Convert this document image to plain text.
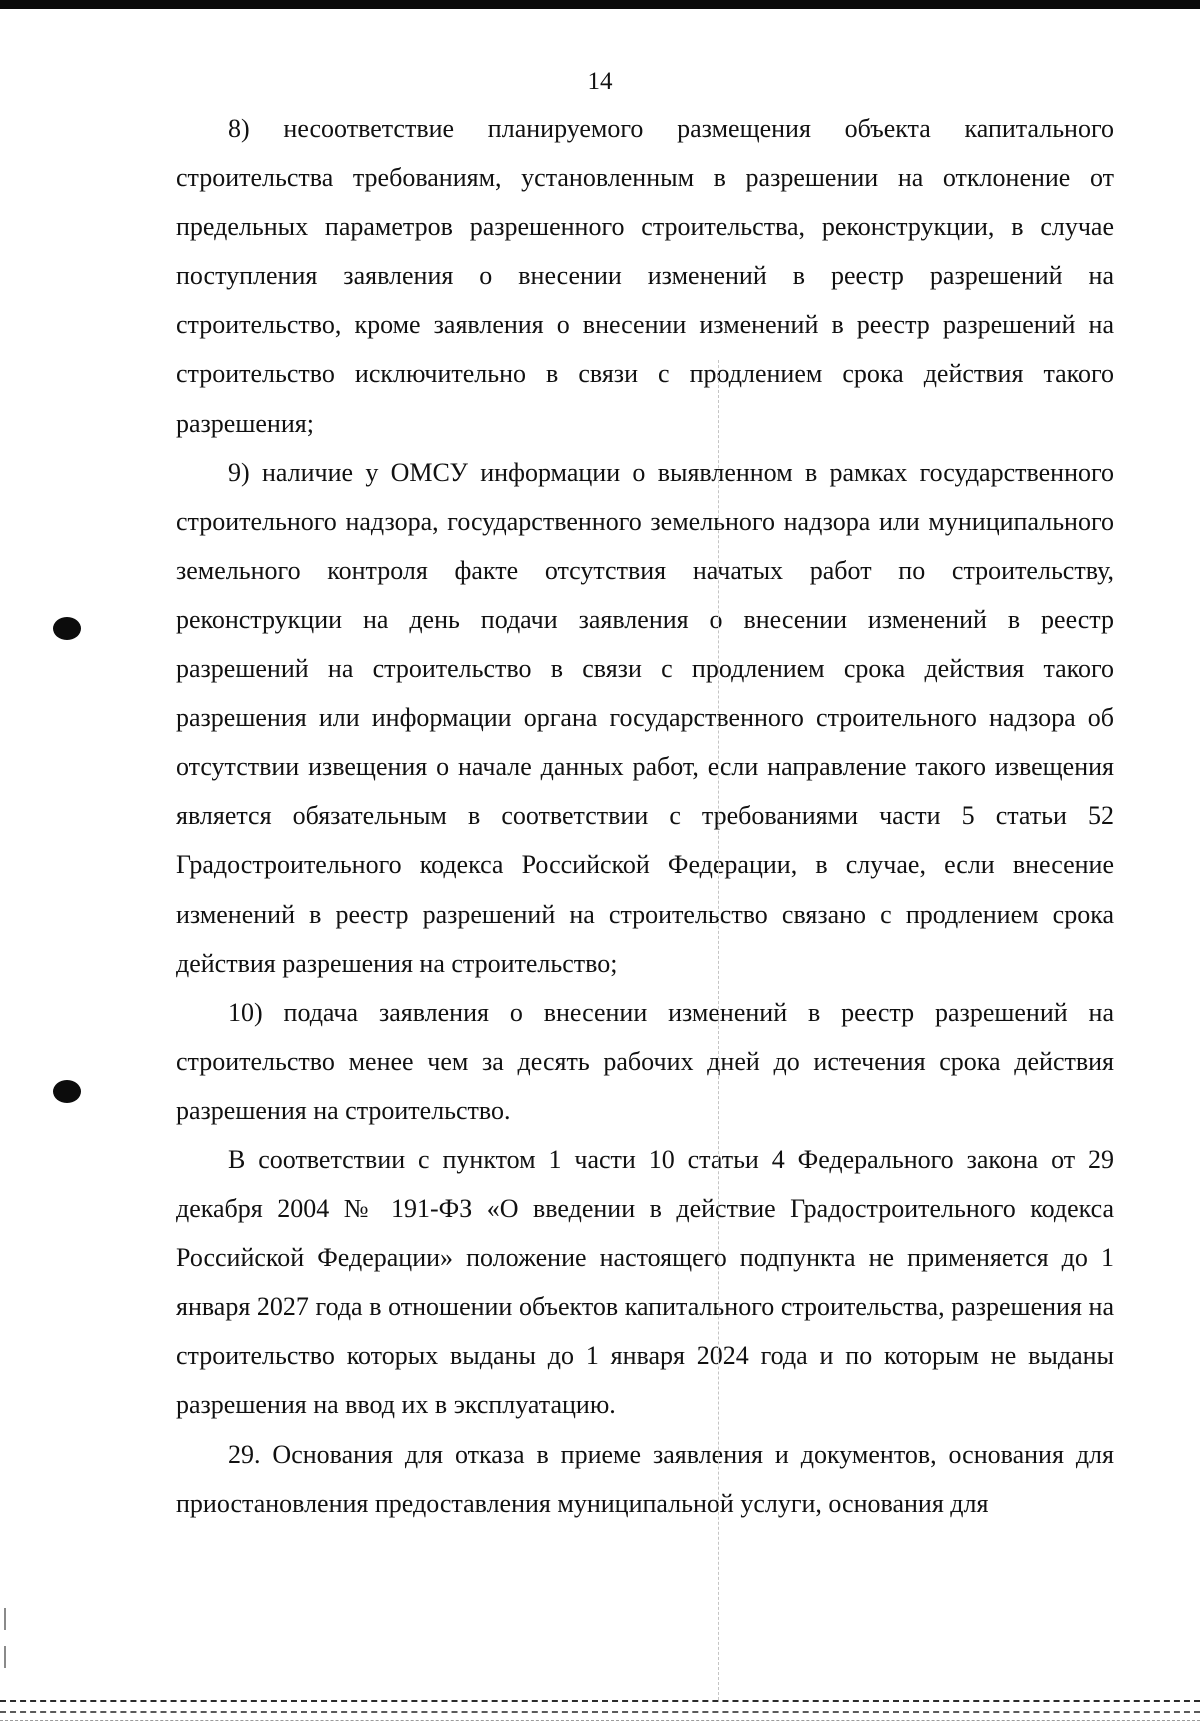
14

8) несоответствие планируемого размещения объекта капитального строительства требованиям, установленным в разрешении на отклонение от предельных параметров разрешенного строительства, реконструкции, в случае поступления заявления о внесении изменений в реестр разрешений на строительство, кроме заявления о внесении изменений в реестр разрешений на строительство исключительно в связи с продлением срока действия такого разрешения;

9) наличие у ОМСУ информации о выявленном в рамках государственного строительного надзора, государственного земельного надзора или муниципального земельного контроля факте отсутствия начатых работ по строительству, реконструкции на день подачи заявления о внесении изменений в реестр разрешений на строительство в связи с продлением срока действия такого разрешения или информации органа государственного строительного надзора об отсутствии извещения о начале данных работ, если направление такого извещения является обязательным в соответствии с требованиями части 5 статьи 52 Градостроительного кодекса Российской Федерации, в случае, если внесение изменений в реестр разрешений на строительство связано с продлением срока действия разрешения на строительство;

10) подача заявления о внесении изменений в реестр разрешений на строительство менее чем за десять рабочих дней до истечения срока действия разрешения на строительство.

В соответствии с пунктом 1 части 10 статьи 4 Федерального закона от 29 декабря 2004 № 191-ФЗ «О введении в действие Градостроительного кодекса Российской Федерации» положение настоящего подпункта не применяется до 1 января 2027 года в отношении объектов капитального строительства, разрешения на строительство которых выданы до 1 января 2024 года и по которым не выданы разрешения на ввод их в эксплуатацию.

29. Основания для отказа в приеме заявления и документов, основания для приостановления предоставления муниципальной услуги, основания для
